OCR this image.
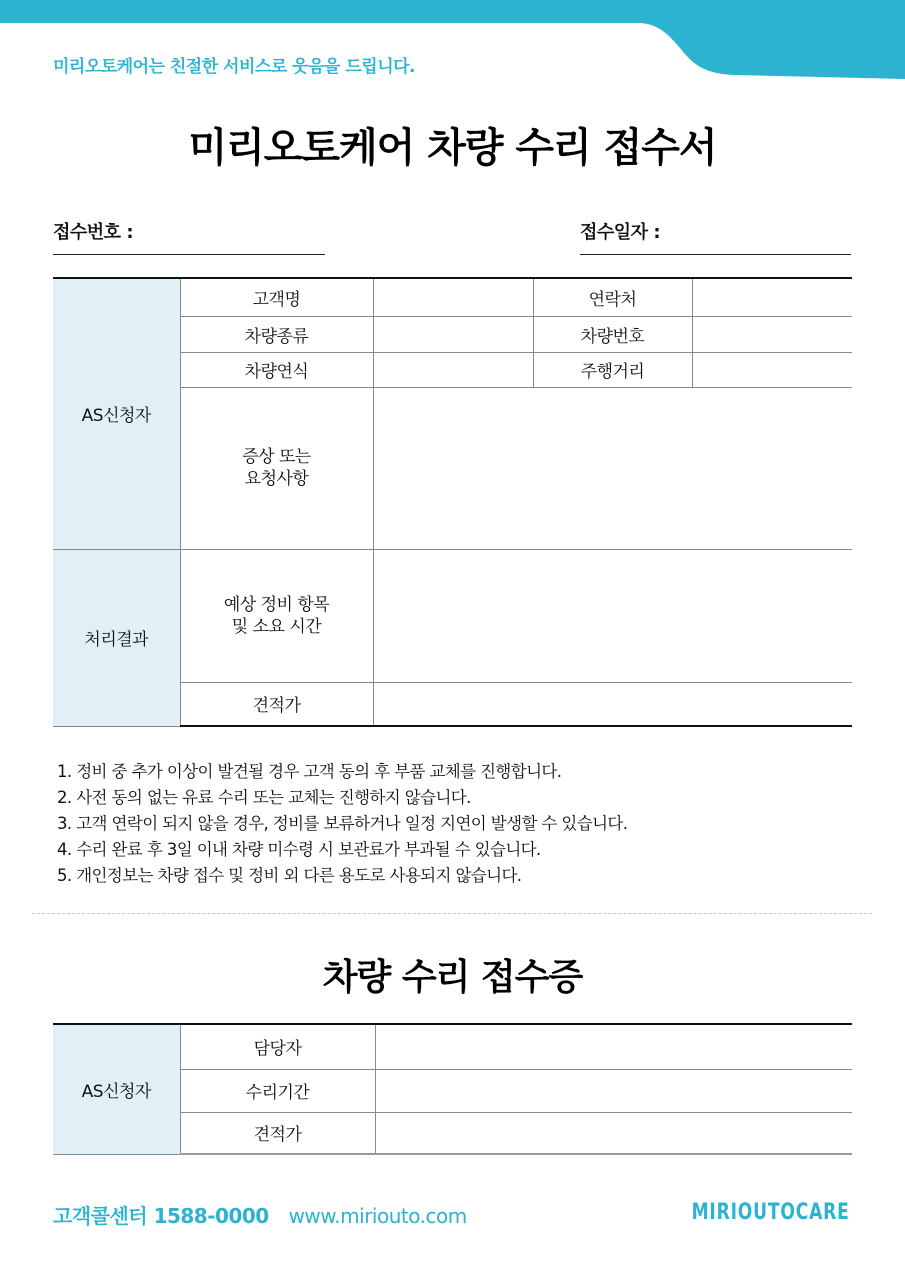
미리오토케어는 친절한 서비스로 웃음을 드립니다.
미리오토케어 차량 수리 접수서
접수번호 :	접수일자 :
AS신청자	고객명		연락처	
	차량종류		차량번호	
	차량연식		주행거리	

	증상 또는
요청사항			

처리결과	예상 정비 항목
및 소요 시간			

	견적가			
1. 정비 중 추가 이상이 발견될 경우 고객 동의 후 부품 교체를 진행합니다.
2. 사전 동의 없는 유료 수리 또는 교체는 진행하지 않습니다.
3. 고객 연락이 되지 않을 경우, 정비를 보류하거나 일정 지연이 발생할 수 있습니다.
4. 수리 완료 후 3일 이내 차량 미수령 시 보관료가 부과될 수 있습니다.
5. 개인정보는 차량 접수 및 정비 외 다른 용도로 사용되지 않습니다.
차량 수리 접수증
AS신청자	담당자	
	수리기간	
	견적가	
고객콜센터 1588-0000 www.miriouto.com	MIRIOUTOCARE
